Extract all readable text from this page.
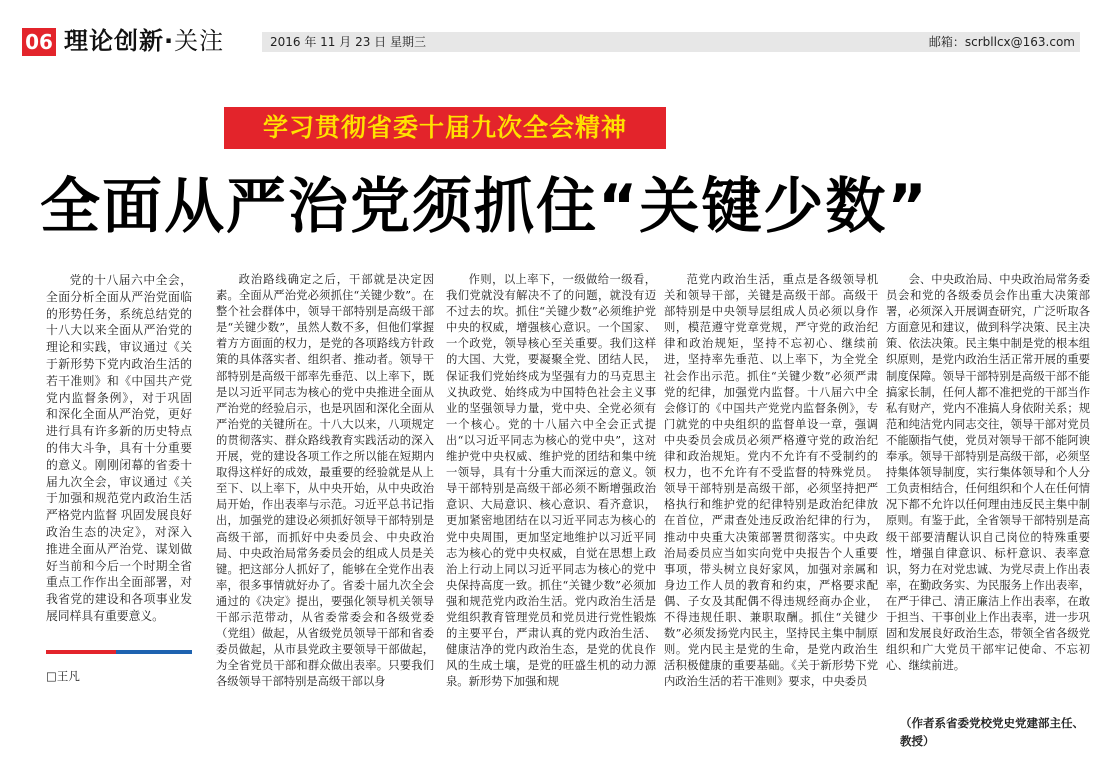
06 理论创新·关注	2016 年 11 月 23 日 星期三	邮箱：scrbllcx@163.com
学习贯彻省委十届九次全会精神
全面从严治党须抓住“关键少数”

党的十八届六中全会，全面分析全面从严治党面临的形势任务，系统总结党的十八大以来全面从严治党的理论和实践，审议通过《关于新形势下党内政治生活的若干准则》和《中国共产党党内监督条例》，对于巩固和深化全面从严治党，更好进行具有许多新的历史特点的伟大斗争，具有十分重要的意义。刚刚闭幕的省委十届九次全会，审议通过《关于加强和规范党内政治生活 严格党内监督 巩固发展良好政治生态的决定》，对深入推进全面从严治党、谋划做好当前和今后一个时期全省重点工作作出全面部署，对我省党的建设和各项事业发展同样具有重要意义。

□王凡

政治路线确定之后，干部就是决定因素。全面从严治党必须抓住“关键少数”。在整个社会群体中，领导干部特别是高级干部是“关键少数”，虽然人数不多，但他们掌握着方方面面的权力，是党的各项路线方针政策的具体落实者、组织者、推动者。领导干部特别是高级干部率先垂范、以上率下，既是以习近平同志为核心的党中央推进全面从严治党的经验启示，也是巩固和深化全面从严治党的关键所在。十八大以来，八项规定的贯彻落实、群众路线教育实践活动的深入开展，党的建设各项工作之所以能在短期内取得这样好的成效，最重要的经验就是从上至下、以上率下，从中央开始，从中央政治局开始，作出表率与示范。习近平总书记指出，加强党的建设必须抓好领导干部特别是高级干部，而抓好中央委员会、中央政治局、中央政治局常务委员会的组成人员是关键。把这部分人抓好了，能够在全党作出表率，很多事情就好办了。省委十届九次全会通过的《决定》提出，要强化领导机关领导干部示范带动，从省委常委会和各级党委（党组）做起，从省级党员领导干部和省委委员做起，从市县党政主要领导干部做起，为全省党员干部和群众做出表率。只要我们各级领导干部特别是高级干部以身

作则，以上率下，一级做给一级看，我们党就没有解决不了的问题，就没有迈不过去的坎。抓住“关键少数”必须维护党中央的权威，增强核心意识。一个国家、一个政党，领导核心至关重要。我们这样的大国、大党，要凝聚全党、团结人民，保证我们党始终成为坚强有力的马克思主义执政党、始终成为中国特色社会主义事业的坚强领导力量，党中央、全党必须有一个核心。党的十八届六中全会正式提出“以习近平同志为核心的党中央”，这对维护党中央权威、维护党的团结和集中统一领导，具有十分重大而深远的意义。领导干部特别是高级干部必须不断增强政治意识、大局意识、核心意识、看齐意识，更加紧密地团结在以习近平同志为核心的党中央周围，更加坚定地维护以习近平同志为核心的党中央权威，自觉在思想上政治上行动上同以习近平同志为核心的党中央保持高度一致。抓住“关键少数”必须加强和规范党内政治生活。党内政治生活是党组织教育管理党员和党员进行党性锻炼的主要平台，严肃认真的党内政治生活、健康洁净的党内政治生态，是党的优良作风的生成土壤，是党的旺盛生机的动力源泉。新形势下加强和规

范党内政治生活，重点是各级领导机关和领导干部，关键是高级干部。高级干部特别是中央领导层组成人员必须以身作则，模范遵守党章党规，严守党的政治纪律和政治规矩，坚持不忘初心、继续前进，坚持率先垂范、以上率下，为全党全社会作出示范。抓住“关键少数”必须严肃党的纪律，加强党内监督。十八届六中全会修订的《中国共产党党内监督条例》，专门就党的中央组织的监督单设一章，强调中央委员会成员必须严格遵守党的政治纪律和政治规矩。党内不允许有不受制约的权力，也不允许有不受监督的特殊党员。领导干部特别是高级干部，必须坚持把严格执行和维护党的纪律特别是政治纪律放在首位，严肃查处违反政治纪律的行为，推动中央重大决策部署贯彻落实。中央政治局委员应当如实向党中央报告个人重要事项，带头树立良好家风，加强对亲属和身边工作人员的教育和约束，严格要求配偶、子女及其配偶不得违规经商办企业，不得违规任职、兼职取酬。抓住“关键少数”必须发扬党内民主，坚持民主集中制原则。党内民主是党的生命，是党内政治生活积极健康的重要基础。《关于新形势下党内政治生活的若干准则》要求，中央委员

会、中央政治局、中央政治局常务委员会和党的各级委员会作出重大决策部署，必须深入开展调查研究，广泛听取各方面意见和建议，做到科学决策、民主决策、依法决策。民主集中制是党的根本组织原则，是党内政治生活正常开展的重要制度保障。领导干部特别是高级干部不能搞家长制，任何人都不准把党的干部当作私有财产，党内不准搞人身依附关系；规范和纯洁党内同志交往，领导干部对党员不能颐指气使，党员对领导干部不能阿谀奉承。领导干部特别是高级干部，必须坚持集体领导制度，实行集体领导和个人分工负责相结合，任何组织和个人在任何情况下都不允许以任何理由违反民主集中制原则。有鉴于此，全省领导干部特别是高级干部要清醒认识自己岗位的特殊重要性，增强自律意识、标杆意识、表率意识，努力在对党忠诚、为党尽责上作出表率，在勤政务实、为民服务上作出表率，在严于律己、清正廉洁上作出表率，在敢于担当、干事创业上作出表率，进一步巩固和发展良好政治生态，带领全省各级党组织和广大党员干部牢记使命、不忘初心、继续前进。

（作者系省委党校党史党建部主任、教授）
